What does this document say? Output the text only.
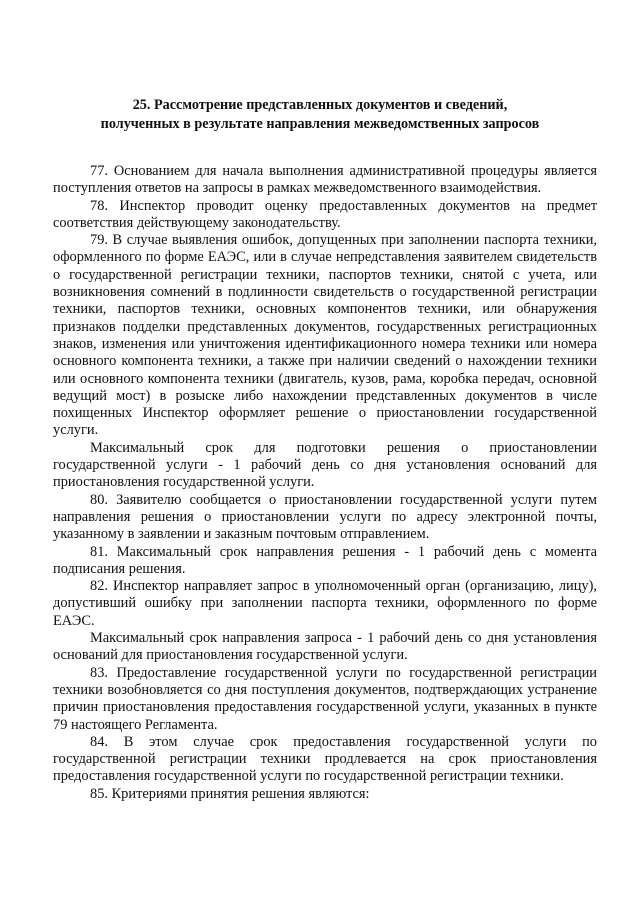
25. Рассмотрение представленных документов и сведений, полученных в результате направления межведомственных запросов

77. Основанием для начала выполнения административной процедуры является поступления ответов на запросы в рамках межведомственного взаимодействия.

78. Инспектор проводит оценку предоставленных документов на предмет соответствия действующему законодательству.

79. В случае выявления ошибок, допущенных при заполнении паспорта техники, оформленного по форме ЕАЭС, или в случае непредставления заявителем свидетельств о государственной регистрации техники, паспортов техники, снятой с учета, или возникновения сомнений в подлинности свидетельств о государственной регистрации техники, паспортов техники, основных компонентов техники, или обнаружения признаков подделки представленных документов, государственных регистрационных знаков, изменения или уничтожения идентификационного номера техники или номера основного компонента техники, а также при наличии сведений о нахождении техники или основного компонента техники (двигатель, кузов, рама, коробка передач, основной ведущий мост) в розыске либо нахождении представленных документов в числе похищенных Инспектор оформляет решение о приостановлении государственной услуги.

Максимальный срок для подготовки решения о приостановлении государственной услуги - 1 рабочий день со дня установления оснований для приостановления государственной услуги.

80. Заявителю сообщается о приостановлении государственной услуги путем направления решения о приостановлении услуги по адресу электронной почты, указанному в заявлении и заказным почтовым отправлением.

81. Максимальный срок направления решения - 1 рабочий день с момента подписания решения.

82. Инспектор направляет запрос в уполномоченный орган (организацию, лицу), допустивший ошибку при заполнении паспорта техники, оформленного по форме ЕАЭС.

Максимальный срок направления запроса - 1 рабочий день со дня установления оснований для приостановления государственной услуги.

83. Предоставление государственной услуги по государственной регистрации техники возобновляется со дня поступления документов, подтверждающих устранение причин приостановления предоставления государственной услуги, указанных в пункте 79 настоящего Регламента.

84. В этом случае срок предоставления государственной услуги по государственной регистрации техники продлевается на срок приостановления предоставления государственной услуги по государственной регистрации техники.

85. Критериями принятия решения являются:
